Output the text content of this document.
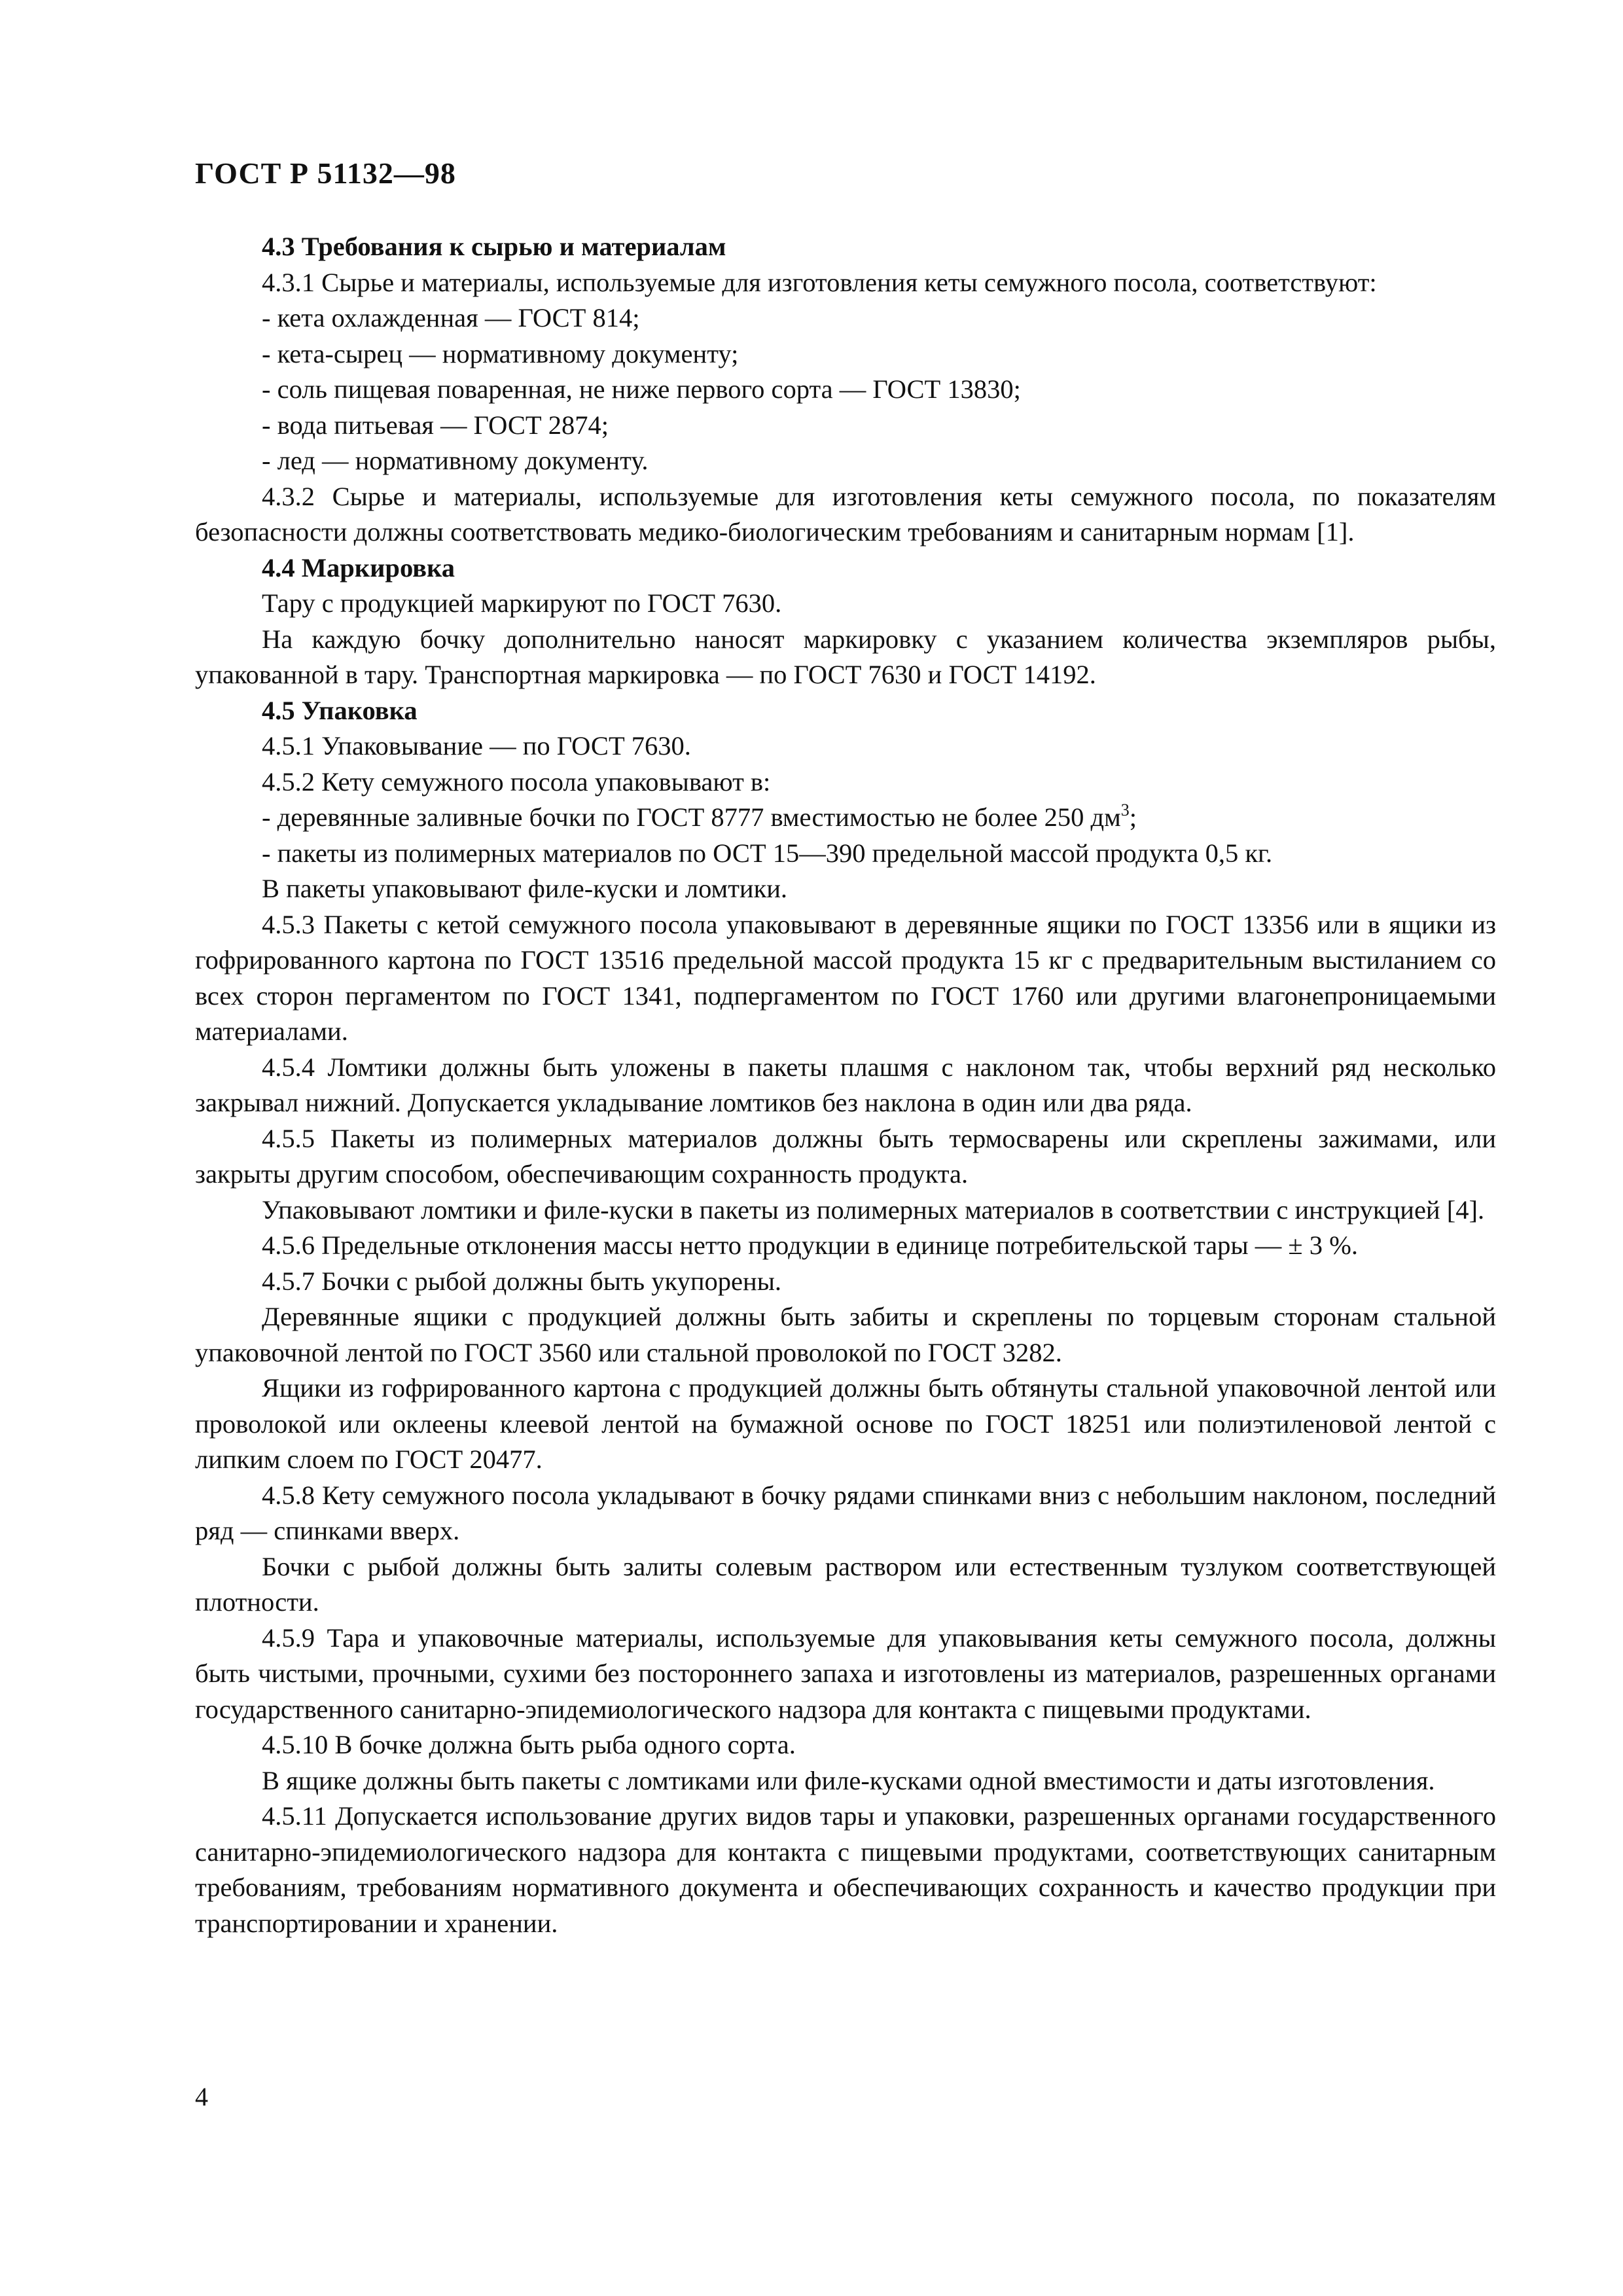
ГОСТ Р 51132—98

4.3 Требования к сырью и материалам

4.3.1 Сырье и материалы, используемые для изготовления кеты семужного посола, соответствуют:

- кета охлажденная — ГОСТ 814;

- кета-сырец — нормативному документу;

- соль пищевая поваренная, не ниже первого сорта — ГОСТ 13830;

- вода питьевая — ГОСТ 2874;

- лед — нормативному документу.

4.3.2 Сырье и материалы, используемые для изготовления кеты семужного посола, по показателям безопасности должны соответствовать медико-биологическим требованиям и санитарным нормам [1].

4.4 Маркировка

Тару с продукцией маркируют по ГОСТ 7630.

На каждую бочку дополнительно наносят маркировку с указанием количества экземпляров рыбы, упакованной в тару. Транспортная маркировка — по ГОСТ 7630 и ГОСТ 14192.

4.5 Упаковка

4.5.1 Упаковывание — по ГОСТ 7630.

4.5.2 Кету семужного посола упаковывают в:

- деревянные заливные бочки по ГОСТ 8777 вместимостью не более 250 $дм^3$;

- пакеты из полимерных материалов по ОСТ 15—390 предельной массой продукта 0,5 кг.

В пакеты упаковывают филе-куски и ломтики.

4.5.3 Пакеты с кетой семужного посола упаковывают в деревянные ящики по ГОСТ 13356 или в ящики из гофрированного картона по ГОСТ 13516 предельной массой продукта 15 кг с предварительным выстиланием со всех сторон пергаментом по ГОСТ 1341, подпергаментом по ГОСТ 1760 или другими влагонепроницаемыми материалами.

4.5.4 Ломтики должны быть уложены в пакеты плашмя с наклоном так, чтобы верхний ряд несколько закрывал нижний. Допускается укладывание ломтиков без наклона в один или два ряда.

4.5.5 Пакеты из полимерных материалов должны быть термосварены или скреплены зажимами, или закрыты другим способом, обеспечивающим сохранность продукта.

Упаковывают ломтики и филе-куски в пакеты из полимерных материалов в соответствии с инструкцией [4].

4.5.6 Предельные отклонения массы нетто продукции в единице потребительской тары — ± 3 %.

4.5.7 Бочки с рыбой должны быть укупорены.

Деревянные ящики с продукцией должны быть забиты и скреплены по торцевым сторонам стальной упаковочной лентой по ГОСТ 3560 или стальной проволокой по ГОСТ 3282.

Ящики из гофрированного картона с продукцией должны быть обтянуты стальной упаковочной лентой или проволокой или оклеены клеевой лентой на бумажной основе по ГОСТ 18251 или полиэтиленовой лентой с липким слоем по ГОСТ 20477.

4.5.8 Кету семужного посола укладывают в бочку рядами спинками вниз с небольшим наклоном, последний ряд — спинками вверх.

Бочки с рыбой должны быть залиты солевым раствором или естественным тузлуком соответствующей плотности.

4.5.9 Тара и упаковочные материалы, используемые для упаковывания кеты семужного посола, должны быть чистыми, прочными, сухими без постороннего запаха и изготовлены из материалов, разрешенных органами государственного санитарно-эпидемиологического надзора для контакта с пищевыми продуктами.

4.5.10 В бочке должна быть рыба одного сорта.

В ящике должны быть пакеты с ломтиками или филе-кусками одной вместимости и даты изготовления.

4.5.11 Допускается использование других видов тары и упаковки, разрешенных органами государственного санитарно-эпидемиологического надзора для контакта с пищевыми продуктами, соответствующих санитарным требованиям, требованиям нормативного документа и обеспечивающих сохранность и качество продукции при транспортировании и хранении.

4
